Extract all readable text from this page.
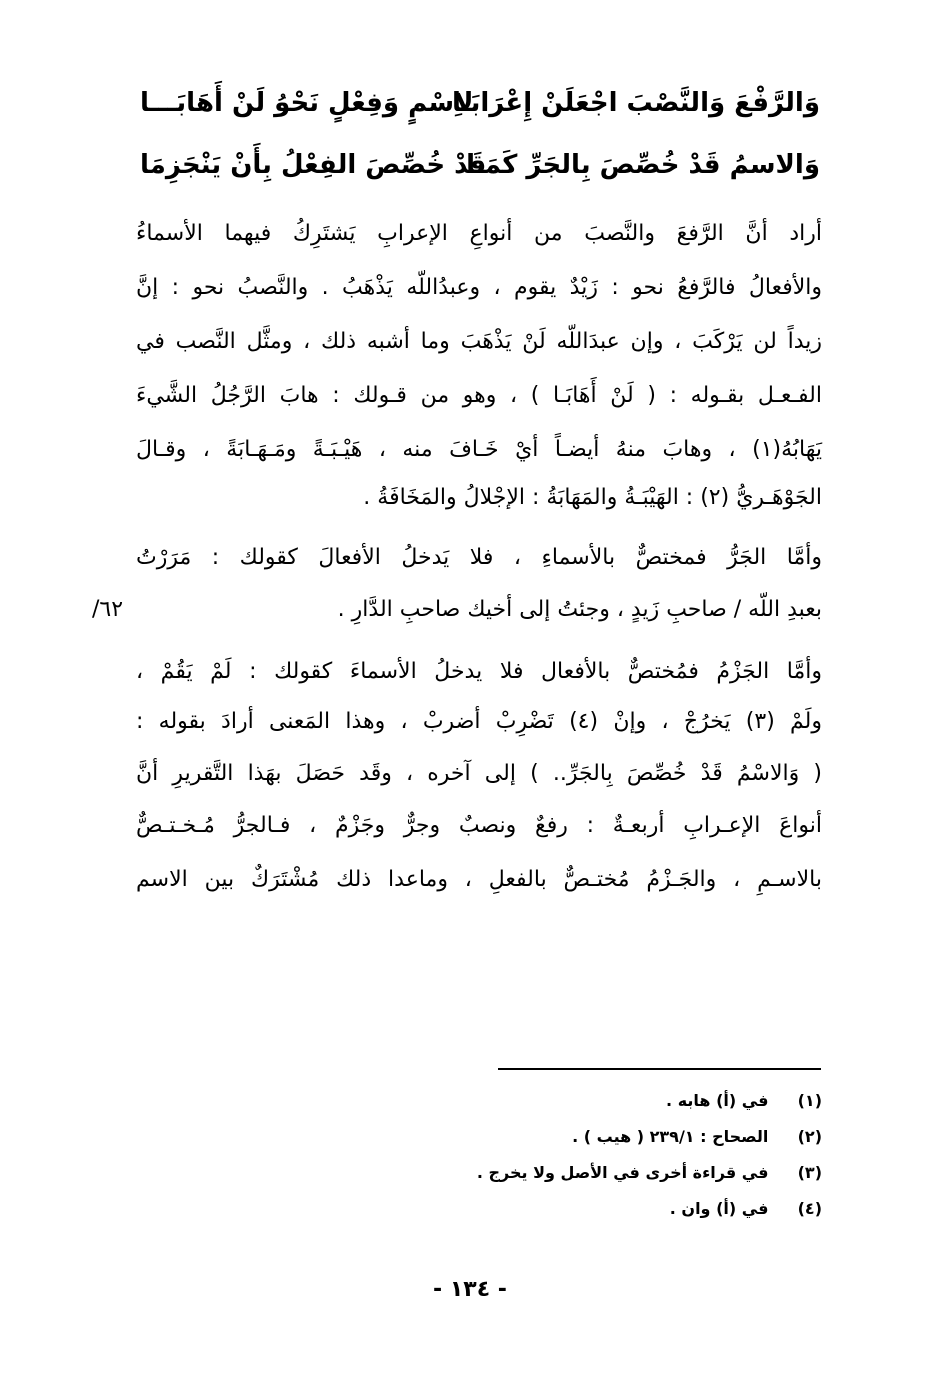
وَالرَّفْعَ وَالنَّصْبَ اجْعَلَنْ إِعْرَابَـا
لاِسْمٍ وَفِعْلٍ نَحْوُ لَنْ أَهَابَـــا
وَالاسمُ قَدْ خُصِّصَ بِالجَرِّ كَمَـا
قَدْ خُصِّصَ الفِعْلُ بِأَنْ يَنْجَزِمَا
أراد أنَّ الرَّفعَ والنَّصبَ من أنواعِ الإعرابِ يَشتَرِكُ فيهما الأسماءُ
والأفعالُ فالرَّفعُ نحو : زَيْدٌ يقوم ، وعبدُاللّه يَذْهَبُ . والنَّصبُ نحو : إنَّ
زيداً لن يَرْكَبَ ، وإن عبدَاللّه لَنْ يَذْهَبَ وما أشبه ذلك ، ومثَّل النَّصب في
الفـعـل بقـوله : ( لَنْ أَهَابَـا ) ، وهو من قـولك : هابَ الرَّجُلُ الشَّيءَ
يَهَابُهُ(١) ، وهابَ منهُ أيضـاً أيْ خَـافَ منه ، هَيْـبَـةً ومَـهَـابَةً ، وقـالَ
الجَوْهَـريُّ (٢) : الهَيْبَـةُ والمَهَابَةُ : الإجْلالُ والمَخَافَةُ .
وأمَّا الجَرُّ فمختصٌّ بالأسماءِ ، فلا يَدخلُ الأفعالَ كقولك : مَرَرْتُ
بعبدِ اللّه / صاحبِ زَيدٍ ، وجئتُ إلى أخيك صاحبِ الدَّارِ .
٦٢/
وأمَّا الجَزْمُ فمُختصٌّ بالأفعال فلا يدخلُ الأسماءَ كقولك : لَمْ يَقُمْ ،
ولَمْ (٣) يَخرُجْ ، وإنْ (٤) تَضْرِبْ أضربْ ، وهذا المَعنى أرادَ بقوله :
( وَالاسْمُ قَدْ خُصِّصَ بِالجَرِّ.. ) إلى آخره ، وقَد حَصَلَ بهَذا التَّقريرِ أنَّ
أنواعَ الإعـرابِ أربعـةٌ : رفعٌ ونصبٌ وجرٌّ وجَزْمٌ ، فـالجرُّ مُـخـتـصٌّ
بالاسـمِ ، والجَـزْمُ مُختـصٌّ بالفعلِ ، وماعدا ذلك مُشْتَرَكٌ بين الاسم
(١) في (أ) هابه .
(٢) الصحاح : ٢٣٩/١ ( هيب ) .
(٣) في قراءة أخرى في الأصل ولا يخرج .
(٤) في (أ) وان .
- ١٣٤ -
